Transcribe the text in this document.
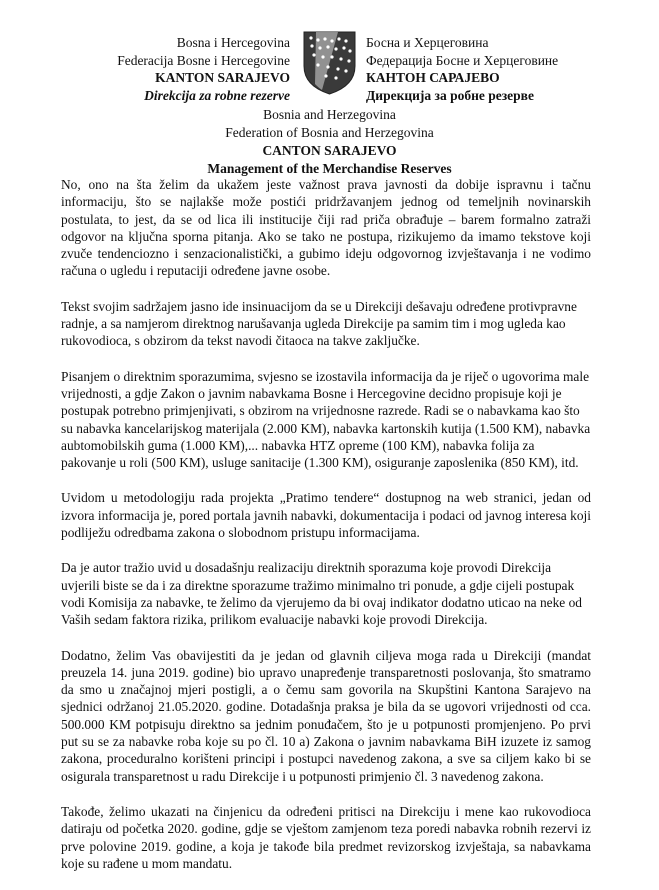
Bosna i Hercegovina
Federacija Bosne i Hercegovine
KANTON SARAJEVO
Direkcija za robne rezerve
Босна и Херцеговина
Федерација Босне и Херцеговине
КАНТОН САРАЈЕВО
Дирекција за робне резерве
Bosnia and Herzegovina
Federation of Bosnia and Herzegovina
CANTON SARAJEVO
Management of the Merchandise Reserves

No, ono na šta želim da ukažem jeste važnost prava javnosti da dobije ispravnu i tačnu informaciju, što se najlakše može postići pridržavanjem jednog od temeljnih novinarskih postulata, to jest, da se od lica ili institucije čiji rad priča obrađuje – barem formalno zatraži odgovor na ključna sporna pitanja. Ako se tako ne postupa, rizikujemo da imamo tekstove koji zvuče tendenciozno i senzacionalistički, a gubimo ideju odgovornog izvještavanja i ne vodimo računa o ugledu i reputaciji određene javne osobe.

Tekst svojim sadržajem jasno ide insinuacijom da se u Direkciji dešavaju određene protivpravne radnje, a sa namjerom direktnog narušavanja ugleda Direkcije pa samim tim i mog ugleda kao rukovodioca, s obzirom da tekst navodi čitaoca na takve zaključke.

Pisanjem o direktnim sporazumima, svjesno se izostavila informacija da je riječ o ugovorima male vrijednosti, a gdje Zakon o javnim nabavkama Bosne i Hercegovine decidno propisuje koji je postupak potrebno primjenjivati, s obzirom na vrijednosne razrede. Radi se o nabavkama kao što su nabavka kancelarijskog materijala (2.000 KM), nabavka kartonskih kutija (1.500 KM), nabavka aubtomobilskih guma (1.000 KM),... nabavka HTZ opreme (100 KM), nabavka folija za pakovanje u roli (500 KM), usluge sanitacije (1.300 KM), osiguranje zaposlenika (850 KM), itd.

Uvidom u metodologiju rada projekta „Pratimo tendere“ dostupnog na web stranici, jedan od izvora informacija je, pored portala javnih nabavki, dokumentacija i podaci od javnog interesa koji podliježu odredbama zakona o slobodnom pristupu informacijama.

Da je autor tražio uvid u dosadašnju realizaciju direktnih sporazuma koje provodi Direkcija uvjerili biste se da i za direktne sporazume tražimo minimalno tri ponude, a gdje cijeli postupak vodi Komisija za nabavke, te želimo da vjerujemo da bi ovaj indikator dodatno uticao na neke od Vaših sedam faktora rizika, prilikom evaluacije nabavki koje provodi Direkcija.

Dodatno, želim Vas obavijestiti da je jedan od glavnih ciljeva moga rada u Direkciji (mandat preuzela 14. juna 2019. godine) bio upravo unapređenje transparetnosti poslovanja, što smatramo da smo u značajnoj mjeri postigli, a o čemu sam govorila na Skupštini Kantona Sarajevo na sjednici održanoj 21.05.2020. godine. Dotadašnja praksa je bila da se ugovori vrijednosti od cca. 500.000 KM potpisuju direktno sa jednim ponuđačem, što je u potpunosti promjenjeno. Po prvi put su se za nabavke roba koje su po čl. 10 a) Zakona o javnim nabavkama BiH izuzete iz samog zakona, proceduralno korišteni principi i postupci navedenog zakona, a sve sa ciljem kako bi se osigurala transparetnost u radu Direkcije i u potpunosti primjenio čl. 3 navedenog zakona.

Takođe, želimo ukazati na činjenicu da određeni pritisci na Direkciju i mene kao rukovodioca datiraju od početka 2020. godine, gdje se vještom zamjenom teza poredi nabavka robnih rezervi iz prve polovine 2019. godine, a koja je takođe bila predmet revizorskog izvještaja, sa nabavkama koje su rađene u mom mandatu.
